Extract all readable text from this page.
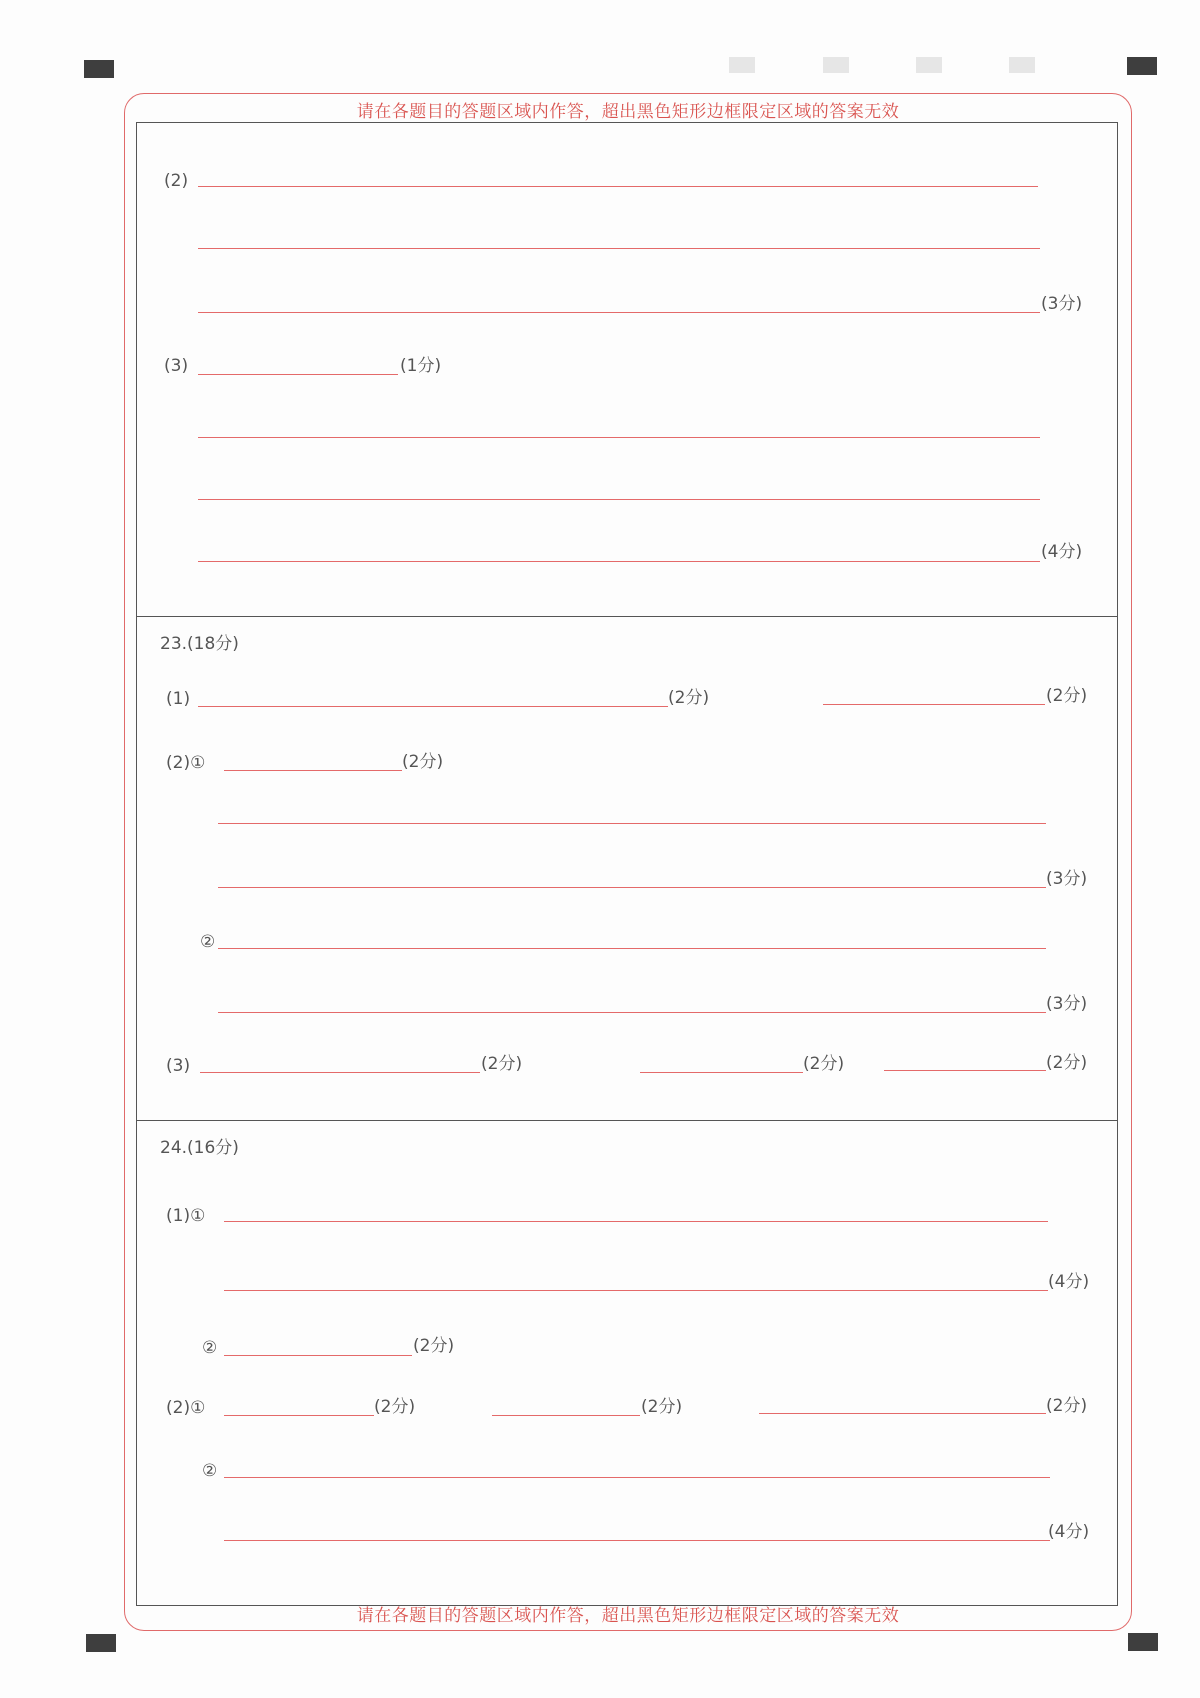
请在各题目的答题区域内作答，超出黑色矩形边框限定区域的答案无效
请在各题目的答题区域内作答，超出黑色矩形边框限定区域的答案无效
(2)
(3分)
(3)	(1分)
(4分)
23.(18分)
(1)	(2分)	(2分)
(2)①	(2分)
(3分)
②
(3分)
(3)	(2分)	(2分)	(2分)
24.(16分)
(1)①
(4分)
②	(2分)
(2)①	(2分)	(2分)	(2分)
②
(4分)
